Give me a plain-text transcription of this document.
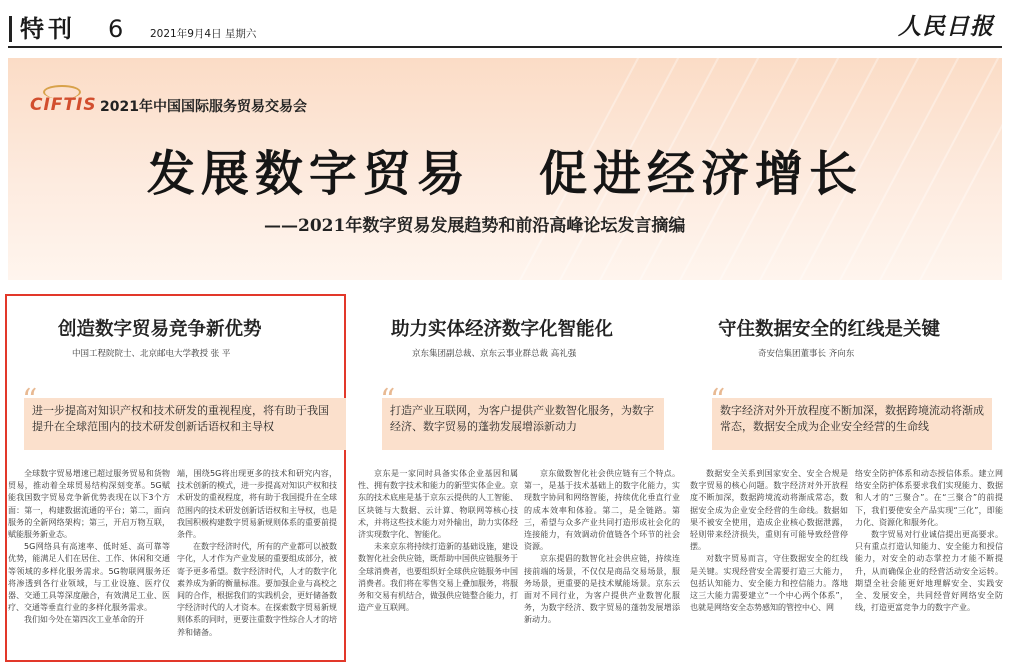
特刊 6	2021年9月4日 星期六	人民日报
CIFTIS 2021年中国国际服务贸易交易会
发展数字贸易   促进经济增长
——2021年数字贸易发展趋势和前沿高峰论坛发言摘编
创造数字贸易竞争新优势
中国工程院院士、北京邮电大学教授 张 平
“
进一步提高对知识产权和技术研发的重视程度，将有助于我国提升在全球范围内的技术研发创新话语权和主导权

全球数字贸易增速已超过服务贸易和货物贸易，推动着全球贸易结构深刻变革。5G赋能我国数字贸易竞争新优势表现在以下3个方面：第一，构建数据流通的平台；第二，面向服务的全新网络架构；第三，开启万物互联，赋能服务新业态。

5G网络具有高速率、低时延、高可靠等优势，能满足人们在居住、工作、休闲和交通等领域的多样化服务需求。5G物联网服务还将渗透到各行业领域，与工业设施、医疗仪器、交通工具等深度融合，有效满足工业、医疗、交通等垂直行业的多样化服务需求。

我们如今处在第四次工业革命的开

端，围绕5G将出现更多的技术和研究内容，技术创新的模式，进一步提高对知识产权和技术研发的重视程度，将有助于我国提升在全球范围内的技术研发创新话语权和主导权，也是我国积极构建数字贸易新规则体系的重要前提条件。

在数字经济时代，所有的产业都可以被数字化，人才作为产业发展的重要组成部分，被寄予更多希望。数字经济时代，人才的数字化素养成为新的衡量标准。要加强企业与高校之间的合作，根据我们的实践机会，更好储备数字经济时代的人才资本。在探索数字贸易新规则体系的同时，更要注重数字性综合人才的培养和储备。

助力实体经济数字化智能化
京东集团副总裁、京东云事业群总裁 高礼强
“
打造产业互联网，为客户提供产业数智化服务，为数字经济、数字贸易的蓬勃发展增添新动力

京东是一家同时具备实体企业基因和属性、拥有数字技术和能力的新型实体企业。京东的技术底座是基于京东云提供的人工智能、区块链与大数据、云计算、物联网等核心技术，并将这些技术能力对外输出，助力实体经济实现数字化、智能化。

未来京东将持续打造新的基础设施，建设数智化社会供应链，既帮助中国供应链服务于全球消费者，也要组织好全球供应链服务中国消费者。我们将在零售交易上叠加服务，将服务和交易有机结合，做强供应链整合能力，打造产业互联网。

京东做数智化社会供应链有三个特点。第一，是基于技术基础上的数字化能力，实现数字协同和网络智能，持续优化垂直行业的成本效率和体验。第二，是全链路。第三，希望与众多产业共同打造形成社会化的连接能力，有效调动价值链各个环节的社会资源。

京东提倡的数智化社会供应链，持续连接前端的场景，不仅仅是商品交易场景，服务场景，更重要的是技术赋能场景。京东云面对不同行业，为客户提供产业数智化服务，为数字经济、数字贸易的蓬勃发展增添新动力。

守住数据安全的红线是关键
奇安信集团董事长 齐向东
“
数字经济对外开放程度不断加深，数据跨境流动将渐成常态，数据安全成为企业安全经营的生命线

数据安全关系到国家安全、安全合规是数字贸易的核心问题。数字经济对外开放程度不断加深，数据跨境流动将渐成常态，数据安全成为企业安全经营的生命线。数据如果不被安全使用，造成企业核心数据泄露，轻则带来经济损失，重则有可能导致经营停摆。

对数字贸易而言，守住数据安全的红线是关键。实现经营安全需要打造三大能力，包括认知能力、安全能力和控信能力。落地这三大能力需要建立“一个中心两个体系”，也就是网络安全态势感知的管控中心、网

络安全防护体系和动态授信体系。建立网络安全防护体系要求我们实现能力、数据和人才的“三聚合”。在“三聚合”的前提下，我们要使安全产品实现“三化”，即能力化、资源化和服务化。

数字贸易对行业诚信提出更高要求。只有重点打造认知能力、安全能力和授信能力，对安全的动态掌控力才能不断提升，从而确保企业的经营活动安全运转。期望全社会能更好地理解安全、实践安全、发展安全，共同经营好网络安全防线，打造更富竞争力的数字产业。
